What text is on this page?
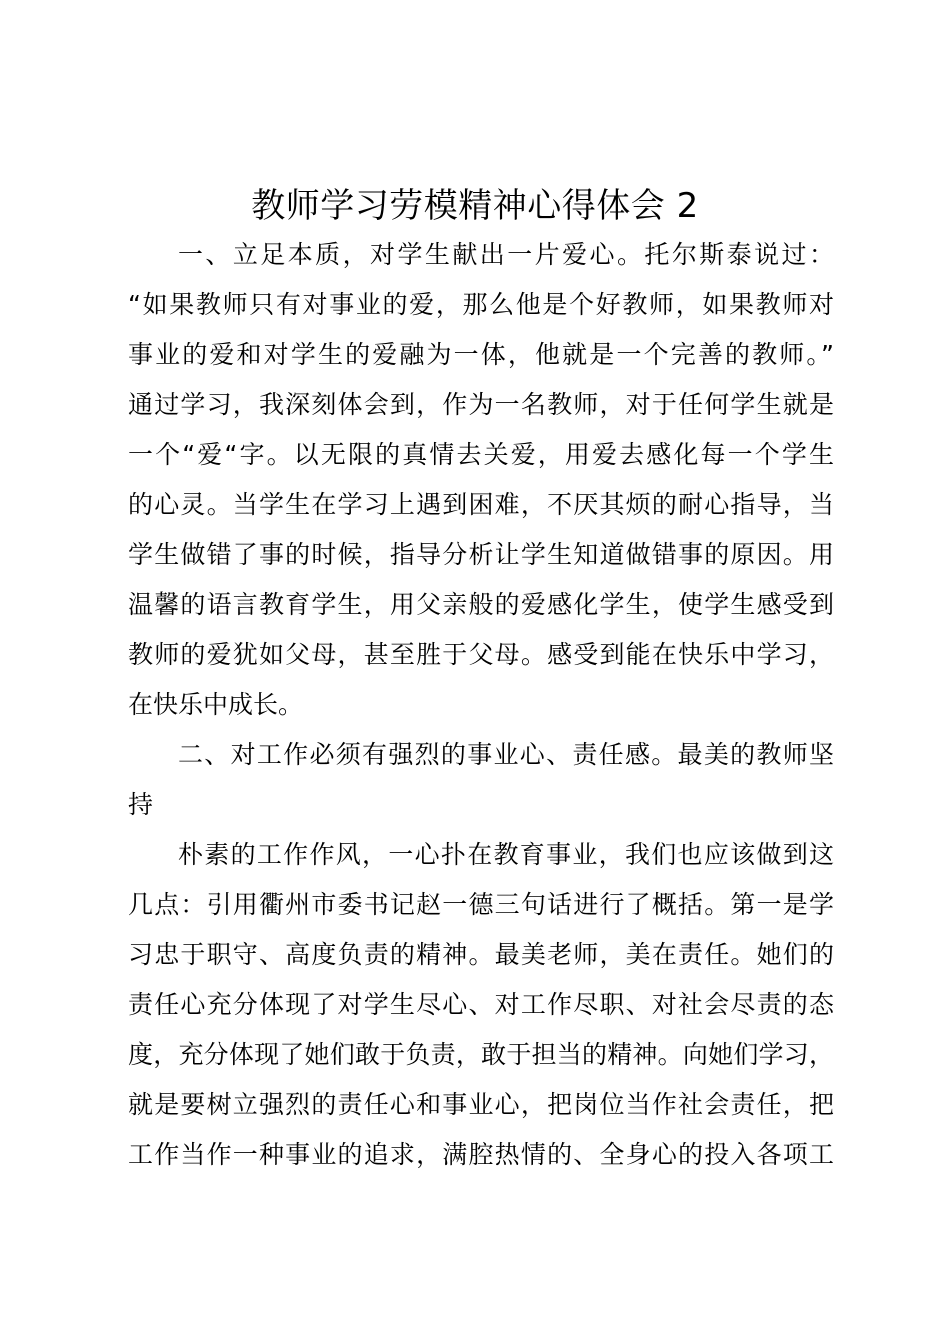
教师学习劳模精神心得体会 2
一、立足本质，对学生献出一片爱心。托尔斯泰说过：
“如果教师只有对事业的爱，那么他是个好教师，如果教师对
事业的爱和对学生的爱融为一体，他就是一个完善的教师。”
通过学习，我深刻体会到，作为一名教师，对于任何学生就是
一个“爱“字。以无限的真情去关爱，用爱去感化每一个学生
的心灵。当学生在学习上遇到困难，不厌其烦的耐心指导，当
学生做错了事的时候，指导分析让学生知道做错事的原因。用
温馨的语言教育学生，用父亲般的爱感化学生，使学生感受到
教师的爱犹如父母，甚至胜于父母。感受到能在快乐中学习，
在快乐中成长。
二、对工作必须有强烈的事业心、责任感。最美的教师坚
持
朴素的工作作风，一心扑在教育事业，我们也应该做到这
几点：引用衢州市委书记赵一德三句话进行了概括。第一是学
习忠于职守、高度负责的精神。最美老师，美在责任。她们的
责任心充分体现了对学生尽心、对工作尽职、对社会尽责的态
度，充分体现了她们敢于负责，敢于担当的精神。向她们学习，
就是要树立强烈的责任心和事业心，把岗位当作社会责任，把
工作当作一种事业的追求，满腔热情的、全身心的投入各项工
